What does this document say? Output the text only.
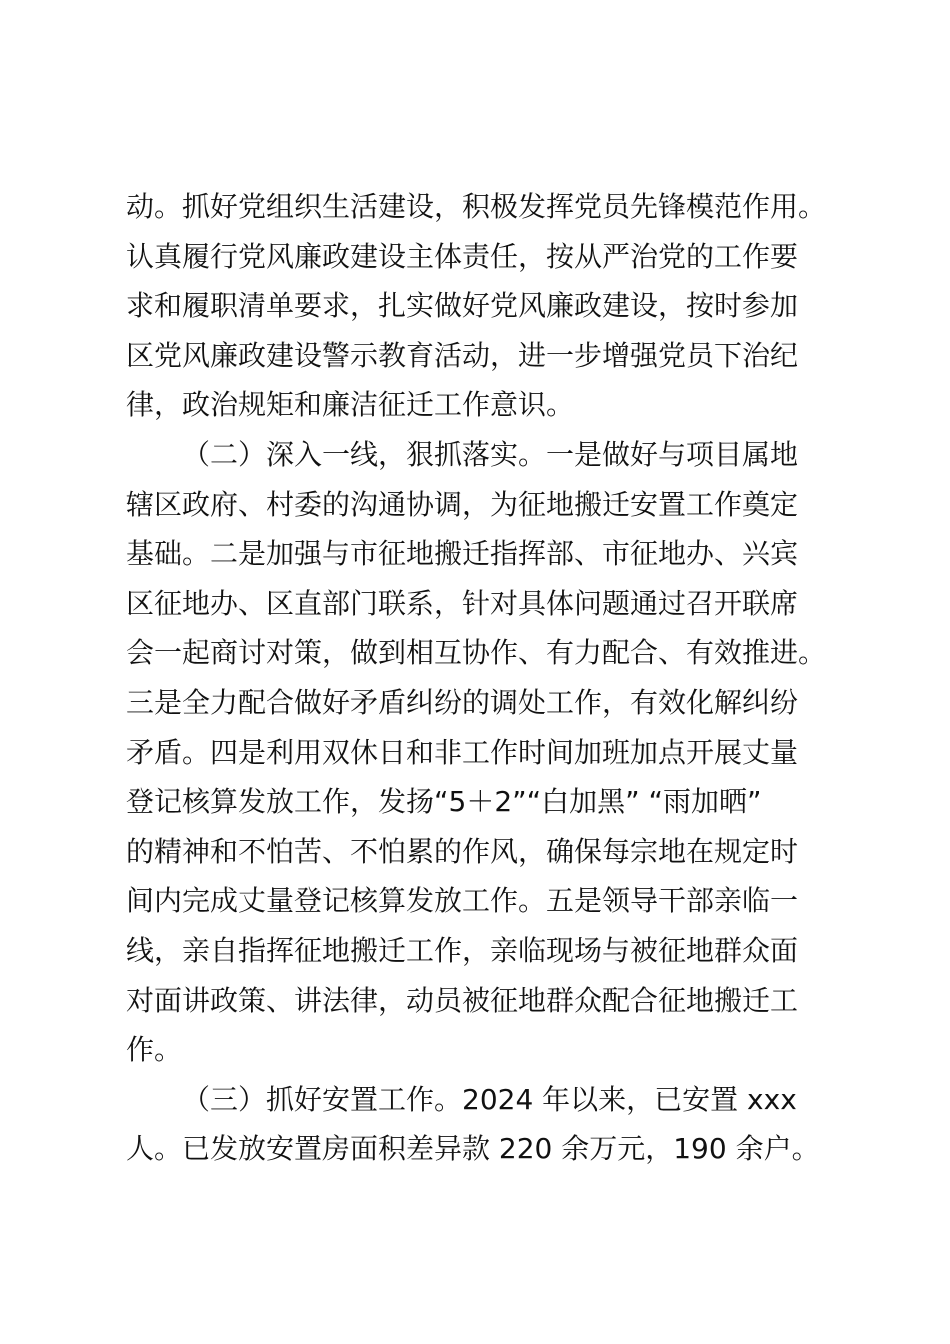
动。抓好党组织生活建设，积极发挥党员先锋模范作用。
认真履行党风廉政建设主体责任，按从严治党的工作要
求和履职清单要求，扎实做好党风廉政建设，按时参加
区党风廉政建设警示教育活动，进一步增强党员下治纪
律，政治规矩和廉洁征迁工作意识。
（二）深入一线，狠抓落实。一是做好与项目属地
辖区政府、村委的沟通协调，为征地搬迁安置工作奠定
基础。二是加强与市征地搬迁指挥部、市征地办、兴宾
区征地办、区直部门联系，针对具体问题通过召开联席
会一起商讨对策，做到相互协作、有力配合、有效推进。
三是全力配合做好矛盾纠纷的调处工作，有效化解纠纷
矛盾。四是利用双休日和非工作时间加班加点开展丈量
登记核算发放工作，发扬“5＋2”“白加黑” “雨加晒”
的精神和不怕苦、不怕累的作风，确保每宗地在规定时
间内完成丈量登记核算发放工作。五是领导干部亲临一
线，亲自指挥征地搬迁工作，亲临现场与被征地群众面
对面讲政策、讲法律，动员被征地群众配合征地搬迁工
作。
（三）抓好安置工作。2024 年以来，已安置 xxx
人。已发放安置房面积差异款 220 余万元，190 余户。
